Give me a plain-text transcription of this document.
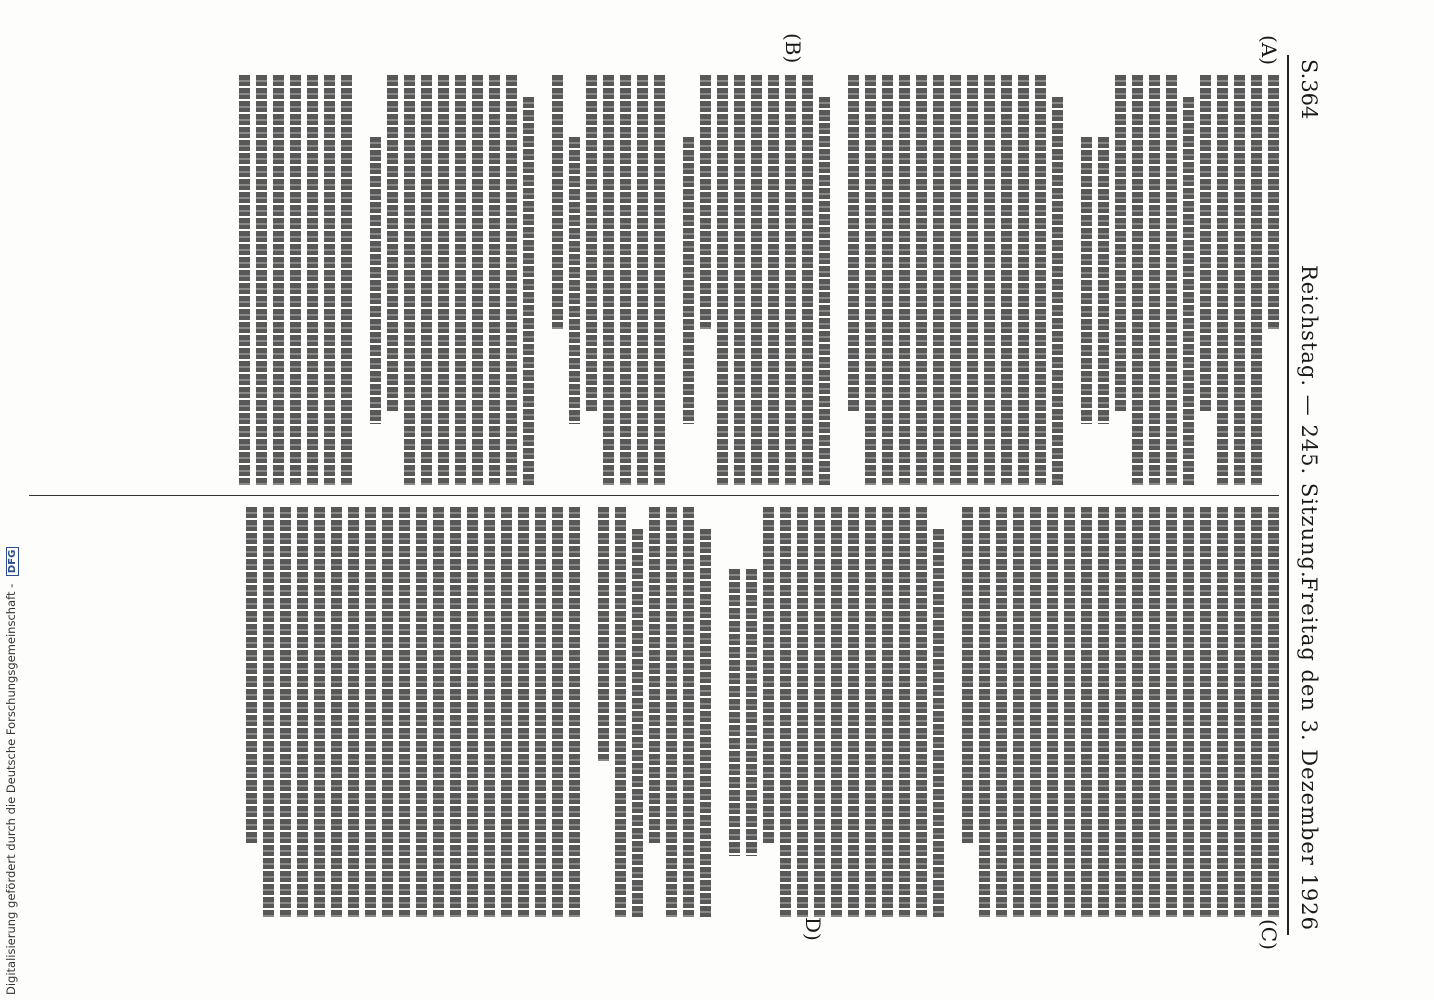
S.364
Reichstag. — 245. Sitzung.
Freitag den 3. Dezember 1926
(A)
(B)
(C)
D)
Digitalisierung gefördert durch die Deutsche Forschungsgemeinschaft - DFG
